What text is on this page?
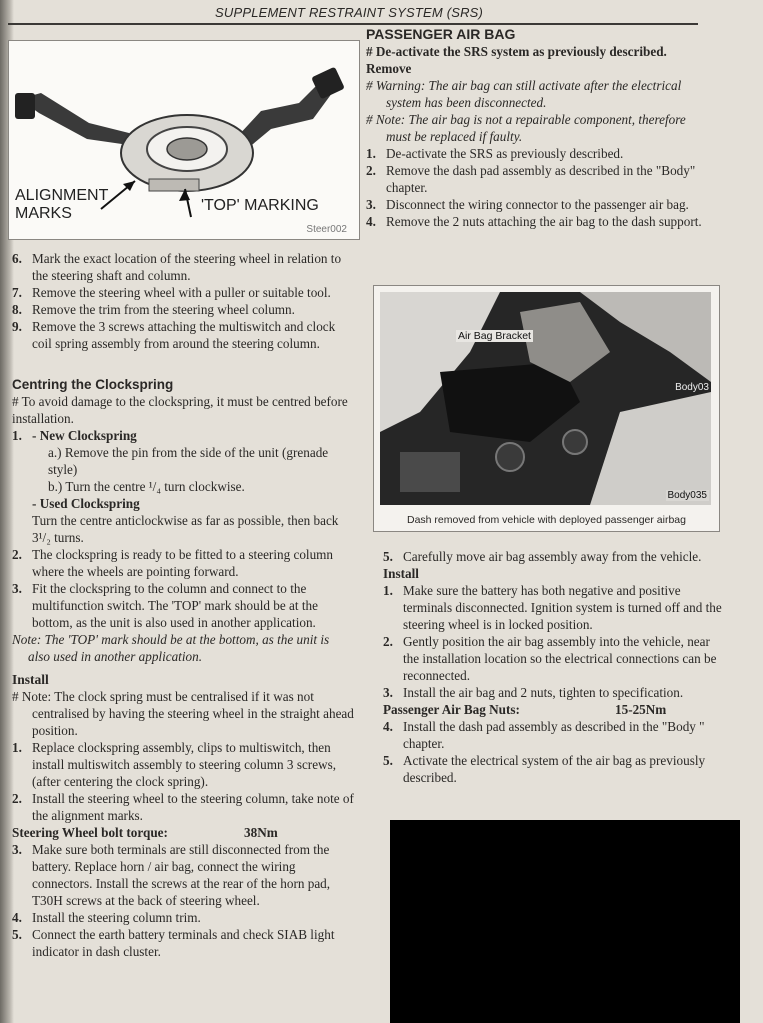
SUPPLEMENT RESTRAINT SYSTEM (SRS)
ALIGNMENT
MARKS	'TOP' MARKING
Steer002
6. Mark the exact location of the steering wheel in relation to the steering shaft and column.
7. Remove the steering wheel with a puller or suitable tool.
8. Remove the trim from the steering wheel column.
9. Remove the 3 screws attaching the multiswitch and clock coil spring assembly from around the steering column.
Centring the Clockspring
# To avoid damage to the clockspring, it must be centred before installation.
1. - New Clockspring
a.) Remove the pin from the side of the unit (grenade style)
b.) Turn the centre ¹/₄ turn clockwise.
- Used Clockspring
Turn the centre anticlockwise as far as possible, then back 3¹/₂ turns.
2. The clockspring is ready to be fitted to a steering column where the wheels are pointing forward.
3. Fit the clockspring to the column and connect to the multifunction switch. The 'TOP' mark should be at the bottom, as the unit is also used in another application.
Note: The 'TOP' mark should be at the bottom, as the unit is also used in another application.
Install
# Note: The clock spring must be centralised if it was not centralised by having the steering wheel in the straight ahead position.
1. Replace clockspring assembly, clips to multiswitch, then install multiswitch assembly to steering column 3 screws, (after centering the clock spring).
2. Install the steering wheel to the steering column, take note of the alignment marks.
Steering Wheel bolt torque:	38Nm
3. Make sure both terminals are still disconnected from the battery. Replace horn / air bag, connect the wiring connectors. Install the screws at the rear of the horn pad, T30H screws at the back of steering wheel.
4. Install the steering column trim.
5. Connect the earth battery terminals and check SIAB light indicator in dash cluster.
PASSENGER AIR BAG
# De-activate the SRS system as previously described.
Remove
# Warning: The air bag can still activate after the electrical system has been disconnected.
# Note: The air bag is not a repairable component, therefore must be replaced if faulty.
1. De-activate the SRS as previously described.
2. Remove the dash pad assembly as described in the "Body" chapter.
3. Disconnect the wiring connector to the passenger air bag.
4. Remove the 2 nuts attaching the air bag to the dash support.
Air Bag Bracket
Body03
Body035
Dash removed from vehicle with deployed passenger airbag
5. Carefully move air bag assembly away from the vehicle.
Install
1. Make sure the battery has both negative and positive terminals disconnected. Ignition system is turned off and the steering wheel is in locked position.
2. Gently position the air bag assembly into the vehicle, near the installation location so the electrical connections can be reconnected.
3. Install the air bag and 2 nuts, tighten to specification.
Passenger Air Bag Nuts:	15-25Nm
4. Install the dash pad assembly as described in the "Body " chapter.
5. Activate the electrical system of the air bag as previously described.
